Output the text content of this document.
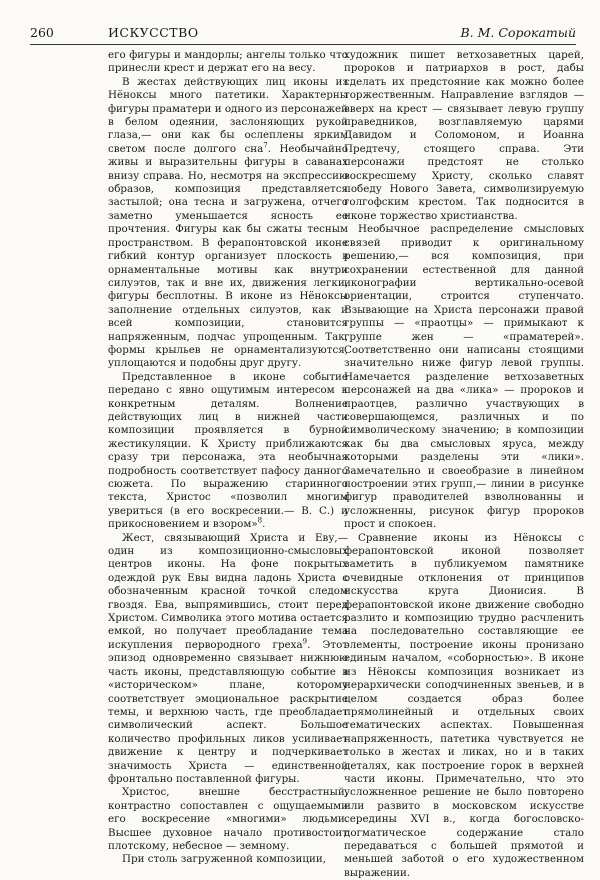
260	ИСКУССТВО	В. М. Сорокатый

его фигуры и мандорлы; ангелы только что принесли крест и держат его на весу.

В жестах действующих лиц иконы из Нёноксы много патетики. Характерны фигуры праматери и одного из персонажей в белом одеянии, заслоняющих рукой глаза,— они как бы ослеплены ярким светом после долгого сна$^7$. Необычайно живы и выразительны фигуры в саванах внизу справа. Но, несмотря на экспрессию образов, композиция представляется застылой; она тесна и загружена, отчего заметно уменьшается ясность ее прочтения. Фигуры как бы сжаты тесным пространством. В ферапонтовской иконе гибкий контур организует плоскость в орнаментальные мотивы как внутри силуэтов, так и вне их, движения легки, фигуры бесплотны. В иконе из Нёноксы заполнение отдельных силуэтов, как и всей композиции, становится напряженным, подчас упрощенным. Так, формы крыльев не орнаментализуются, уплощаются и подобны друг другу.

Представленное в иконе событие передано с явно ощутимым интересом к конкретным деталям. Волнение действующих лиц в нижней части композиции проявляется в бурной жестикуляции. К Христу приближаются сразу три персонажа, эта необычная подробность соответствует пафосу данного сюжета. По выражению старинного текста, Христос «позволил многим увериться (в его воскресении.— В. С.) и прикосновением и взором»$^8$.

Жест, связывающий Христа и Еву,— один из композиционно-смысловых центров иконы. На фоне покрытых одеждой рук Евы видна ладонь Христа с обозначенным красной точкой следом гвоздя. Ева, выпрямившись, стоит перед Христом. Символика этого мотива остается емкой, но получает преобладание тема искупления первородного греха$^9$. Этот эпизод одновременно связывает нижнюю часть иконы, представляющую событие в «историческом» плане, которому соответствует эмоциональное раскрытие темы, и верхнюю часть, где преобладает символический аспект. Большое количество профильных ликов усиливает движение к центру и подчеркивает значимость Христа — единственной фронтально поставленной фигуры.

Христос, внешне бесстрастный, контрастно сопоставлен с ощущаемыми его воскресение «многими» людьми. Высшее духовное начало противостоит плотскому, небесное — земному.

При столь загруженной композиции,

художник пишет ветхозаветных царей, пророков и патриархов в рост, дабы сделать их предстояние как можно более торжественным. Направление взглядов — вверх на крест — связывает левую группу праведников, возглавляемую царями Давидом и Соломоном, и Иоанна Предтечу, стоящего справа. Эти персонажи предстоят не столько воскресшему Христу, сколько славят победу Нового Завета, символизируемую голгофским крестом. Так подносится в иконе торжество христианства.

Необычное распределение смысловых связей приводит к оригинальному решению,— вся композиция, при сохранении естественной для данной иконографии вертикально-осевой ориентации, строится ступенчато. Взывающие на Христа персонажи правой группы — «праотцы» — примыкают к группе жен — «праматерей». Соответственно они написаны стоящими значительно ниже фигур левой группы. Намечается разделение ветхозаветных персонажей на два «лика» — пророков и праотцев, различно участвующих в совершающемся, различных и по символическому значению; в композиции как бы два смысловых яруса, между которыми разделены эти «лики». Замечательно и своеобразие в линейном построении этих групп,— линии в рисунке фигур праводителей взволнованны и усложненны, рисунок фигур пророков прост и спокоен.

Сравнение иконы из Нёноксы с ферапонтовской иконой позволяет заметить в публикуемом памятнике очевидные отклонения от принципов искусства круга Дионисия. В ферапонтовской иконе движение свободно разлито и композицию трудно расчленить на последовательно составляющие ее элементы, построение иконы пронизано единым началом, «соборностью». В иконе из Нёноксы композиция возникает из иерархически соподчиненных звеньев, и в целом создается образ более прямолинейный и отдельных своих тематических аспектах. Повышенная напряженность, патетика чувствуется не только в жестах и ликах, но и в таких деталях, как построение горок в верхней части иконы. Примечательно, что это усложненное решение не было повторено или развито в московском искусстве середины XVI в., когда богословско-догматическое содержание стало передаваться с большей прямотой и меньшей заботой о его художественном выражении.
